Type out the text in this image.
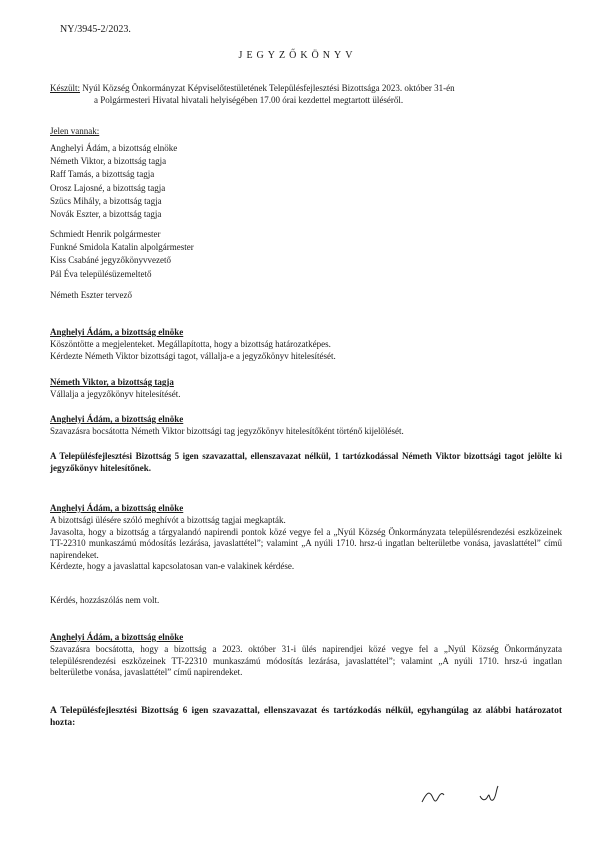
NY/3945-2/2023.
JEGYZŐKÖNYV
Készült: Nyúl Község Önkormányzat Képviselőtestületének Településfejlesztési Bizottsága 2023. október 31-én
a Polgármesteri Hivatal hivatali helyiségében 17.00 órai kezdettel megtartott üléséről.
Jelen vannak:
Anghelyi Ádám, a bizottság elnöke
Németh Viktor, a bizottság tagja
Raff Tamás, a bizottság tagja
Orosz Lajosné, a bizottság tagja
Szücs Mihály, a bizottság tagja
Novák Eszter, a bizottság tagja
Schmiedt Henrik polgármester
Funkné Smidola Katalin alpolgármester
Kiss Csabáné jegyzőkönyvvezető
Pál Éva településüzemeltető
Németh Eszter tervező
Anghelyi Ádám, a bizottság elnöke
Köszöntötte a megjelenteket. Megállapította, hogy a bizottság határozatképes.
Kérdezte Németh Viktor bizottsági tagot, vállalja-e a jegyzőkönyv hitelesítését.
Németh Viktor, a bizottság tagja
Vállalja a jegyzőkönyv hitelesítését.
Anghelyi Ádám, a bizottság elnöke
Szavazásra bocsátotta Németh Viktor bizottsági tag jegyzőkönyv hitelesítőként történő kijelölését.
A Településfejlesztési Bizottság 5 igen szavazattal, ellenszavazat nélkül, 1 tartózkodással Németh Viktor bizottsági tagot jelölte ki jegyzőkönyv hitelesítőnek.
Anghelyi Ádám, a bizottság elnöke
A bizottsági ülésére szóló meghívót a bizottság tagjai megkapták.
Javasolta, hogy a bizottság a tárgyalandó napirendi pontok közé vegye fel a „Nyúl Község Önkormányzata településrendezési eszközeinek TT-22310 munkaszámú módosítás lezárása, javaslattétel”; valamint „A nyúli 1710. hrsz-ú ingatlan belterületbe vonása, javaslattétel” című napirendeket.
Kérdezte, hogy a javaslattal kapcsolatosan van-e valakinek kérdése.
Kérdés, hozzászólás nem volt.
Anghelyi Ádám, a bizottság elnöke
Szavazásra bocsátotta, hogy a bizottság a 2023. október 31-i ülés napirendjei közé vegye fel a „Nyúl Község Önkormányzata településrendezési eszközeinek TT-22310 munkaszámú módosítás lezárása, javaslattétel”; valamint „A nyúli 1710. hrsz-ú ingatlan belterületbe vonása, javaslattétel” című napirendeket.
A Településfejlesztési Bizottság 6 igen szavazattal, ellenszavazat és tartózkodás nélkül, egyhangúlag az alábbi határozatot hozta:
